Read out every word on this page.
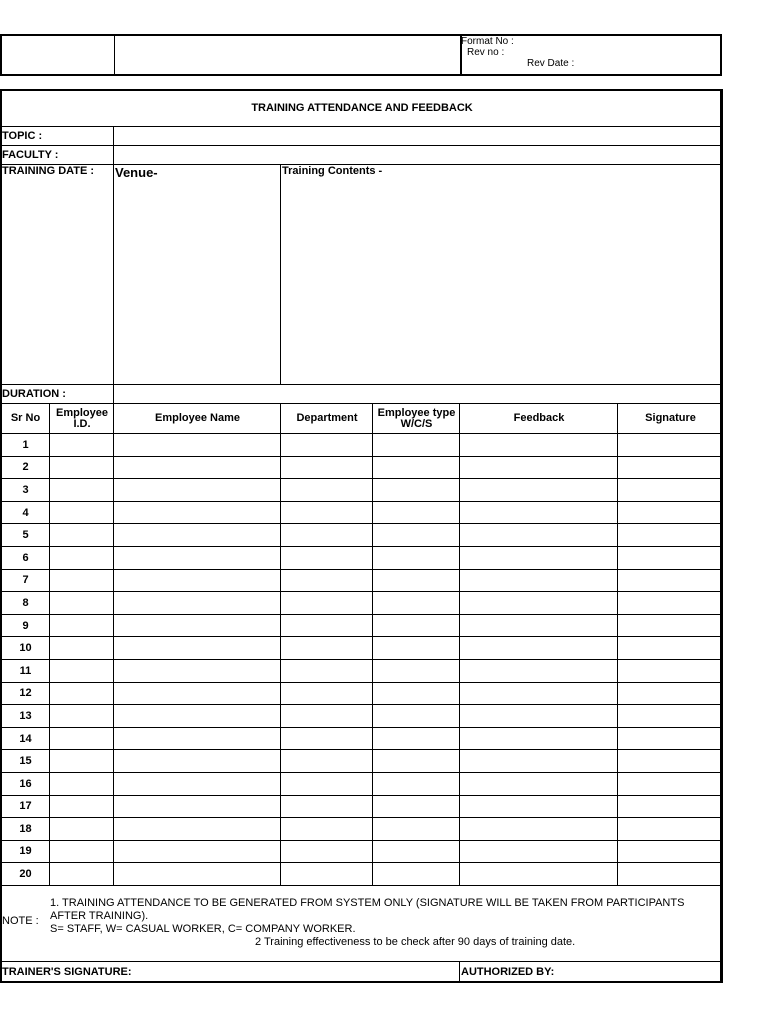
Format No :
Rev no :
Rev Date :
TRAINING ATTENDANCE AND FEEDBACK						
TOPIC :						
FACULTY :						
TRAINING DATE :		Venue-	Training Contents -			
DURATION :						
Sr No	Employee I.D.	Employee Name	Department	Employee type W/C/S	Feedback	Signature
1						
2						
3						
4						
5						
6						
7						
8						
9						
10						
11						
12						
13						
14						
15						
16						
17						
18						
19						
20						

1. TRAINING ATTENDANCE TO BE GENERATED FROM SYSTEM ONLY (SIGNATURE WILL BE TAKEN FROM PARTICIPANTS AFTER TRAINING).
S= STAFF, W= CASUAL WORKER, C= COMPANY WORKER.
2 Training effectiveness to be check after 90 days of training date.						

TRAINER'S SIGNATURE:					AUTHORIZED BY:	
NOTE :
